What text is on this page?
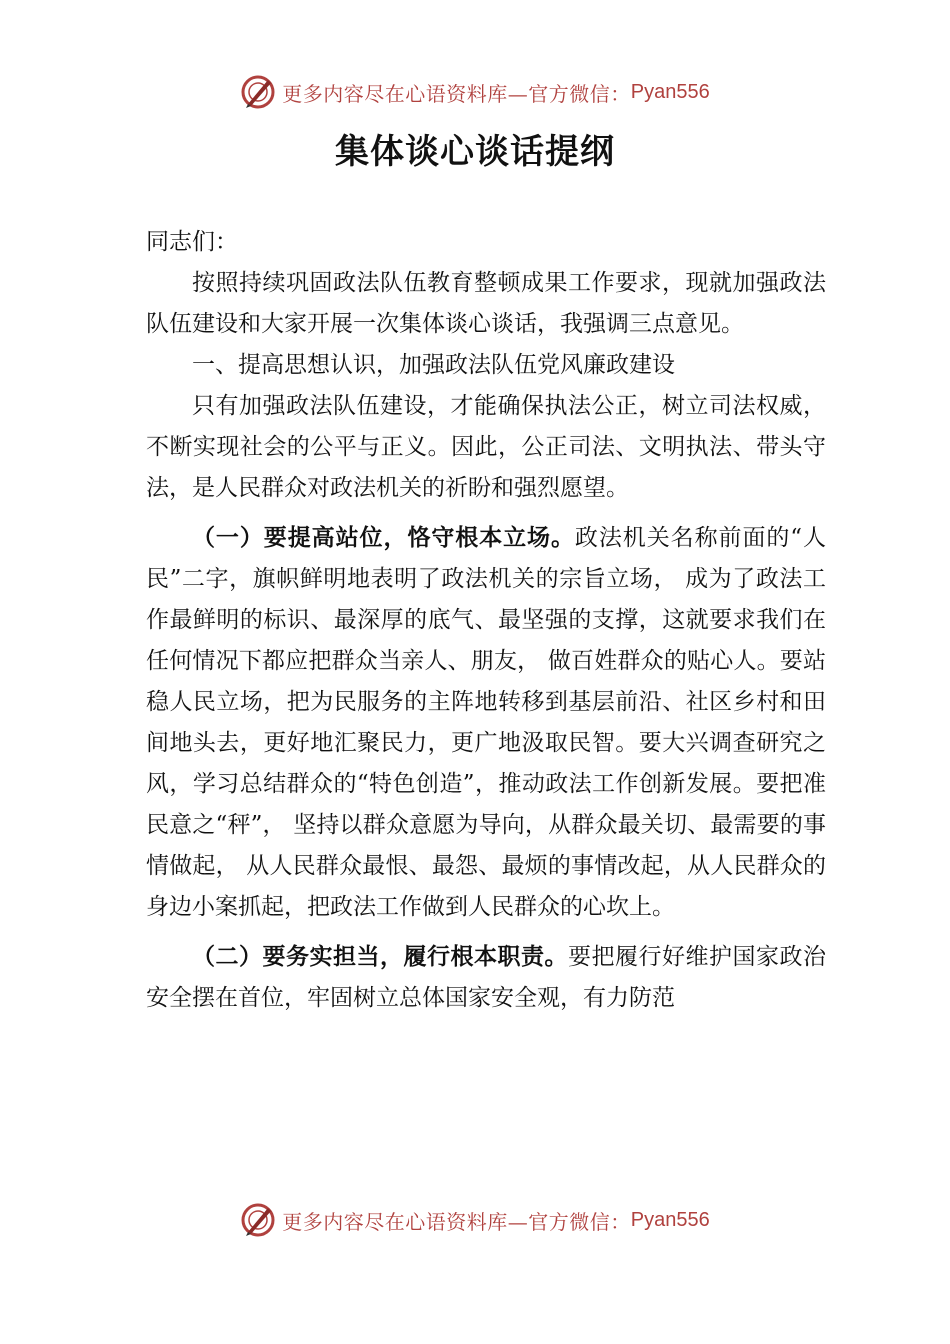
更多内容尽在心语资料库—官方微信： Pyan556
集体谈心谈话提纲

同志们：

按照持续巩固政法队伍教育整顿成果工作要求，现就加强政法队伍建设和大家开展一次集体谈心谈话，我强调三点意见。

一、提高思想认识，加强政法队伍党风廉政建设

只有加强政法队伍建设，才能确保执法公正，树立司法权威，不断实现社会的公平与正义。因此，公正司法、文明执法、带头守法，是人民群众对政法机关的祈盼和强烈愿望。

（一）要提高站位，恪守根本立场。政法机关名称前面的“人民”二字，旗帜鲜明地表明了政法机关的宗旨立场， 成为了政法工作最鲜明的标识、最深厚的底气、最坚强的支撑，这就要求我们在任何情况下都应把群众当亲人、朋友， 做百姓群众的贴心人。要站稳人民立场，把为民服务的主阵地转移到基层前沿、社区乡村和田间地头去，更好地汇聚民力，更广地汲取民智。要大兴调查研究之风，学习总结群众的“特色创造”，推动政法工作创新发展。要把准民意之“秤”， 坚持以群众意愿为导向，从群众最关切、最需要的事情做起， 从人民群众最恨、最怨、最烦的事情改起，从人民群众的身边小案抓起，把政法工作做到人民群众的心坎上。

（二）要务实担当，履行根本职责。要把履行好维护国家政治安全摆在首位，牢固树立总体国家安全观，有力防范

更多内容尽在心语资料库—官方微信： Pyan556
